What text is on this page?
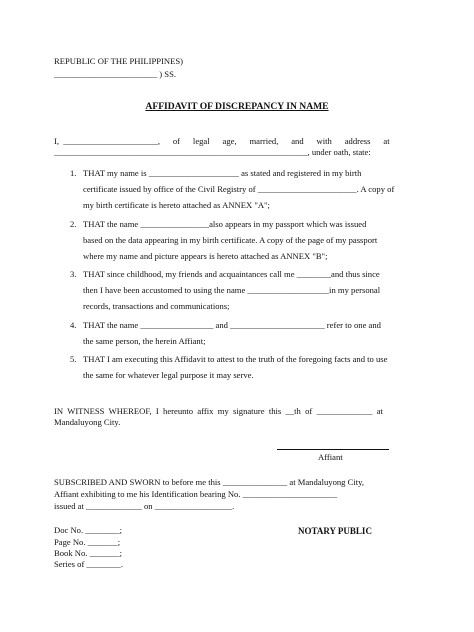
REPUBLIC OF THE PHILIPPINES)
________________________ ) SS.
AFFIDAVIT OF DISCREPANCY IN NAME
I,  ______________________,      of      legal      age,      married,      and      with      address      at
___________________________________________________________, under oath, state:
1. THAT my name is _____________________ as stated and registered in my birth
certificate issued by office of the Civil Registry of _______________________. A copy of
my birth certificate is hereto attached as ANNEX "A";
2. THAT the name ________________also appears in my passport which was issued
based on the data appearing in my birth certificate. A copy of the page of my passport
where my name and picture appears is hereto attached as ANNEX "B";
3. THAT since childhood, my friends and acquaintances call me ________and thus since
then I have been accustomed to using the name ___________________in my personal
records, transactions and communications;
4. THAT the name _________________ and ______________________ refer to one and
the same person, the herein Affiant;
5. THAT I am executing this Affidavit to attest to the truth of the foregoing facts and to use
the same for whatever legal purpose it may serve.
IN  WITNESS  WHEREOF,  I  hereunto  affix  my  signature  this  __th  of  _____________  at
Mandaluyong City.
Affiant
SUBSCRIBED AND SWORN to before me this _______________ at Mandaluyong City,
Affiant exhibiting to me his Identification bearing No. ______________________
issued at _____________ on __________________.
Doc No. ________;
Page No. _______;
Book No. _______;
Series of ________.
NOTARY PUBLIC
